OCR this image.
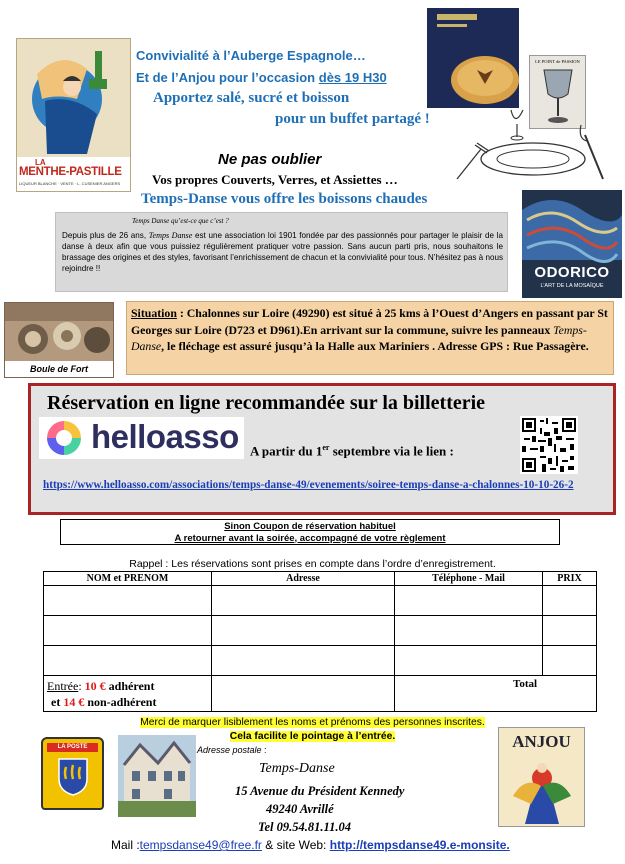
LA
MENTHE-PASTILLE
LIQUEUR BLANCHE · VENTE · L. CUSENIER ANGERS
LE POINT de PASSION
Convivialité à l’Auberge Espagnole…
Et de l’Anjou pour l’occasion dès 19 H30
Apportez salé, sucré et boisson
pour un buffet partagé !
Ne pas oublier
Vos propres Couverts, Verres, et Assiettes …
Temps-Danse vous offre les boissons chaudes
ODORICO
L’ART DE LA MOSAÏQUE
Temps Danse qu’est-ce que c’est ?
Depuis plus de 26 ans, Temps Danse est une association loi 1901 fondée par des passionnés pour partager le plaisir de la danse à deux afin que vous puissiez régulièrement pratiquer votre passion. Sans aucun parti pris, nous souhaitons le brassage des origines et des styles, favorisant l’enrichissement de chacun et la convivialité pour tous. N’hésitez pas à nous rejoindre !!
Boule de Fort
Situation : Chalonnes sur Loire (49290) est situé à 25 kms à l’Ouest d’Angers en passant par St Georges sur Loire (D723 et D961).En arrivant sur la commune, suivre les panneaux Temps-Danse, le fléchage est assuré jusqu’à la Halle aux Mariniers . Adresse GPS : Rue Passagère.
Réservation en ligne recommandée sur la billetterie
helloasso A partir du 1er septembre via le lien :
https://www.helloasso.com/associations/temps-danse-49/evenements/soiree-temps-danse-a-chalonnes-10-10-26-2
Sinon Coupon de réservation habituel
A retourner avant la soirée, accompagné de votre règlement
Rappel : Les réservations sont prises en compte dans l’ordre d’enregistrement.
NOM et PRENOM	Adresse	Téléphone - Mail	PRIX

Entrée: 10 € adhérent
et 14 € non-adhérent		Total	
Merci de marquer lisiblement les noms et prénoms des personnes inscrites.
Cela facilite le pointage à l’entrée.
LA POSTE	ANJOU
Adresse postale :
Temps-Danse
15 Avenue du Président Kennedy
49240 Avrillé
Tel 09.54.81.11.04
Mail :tempsdanse49@free.fr & site Web: http://tempsdanse49.e-monsite.
